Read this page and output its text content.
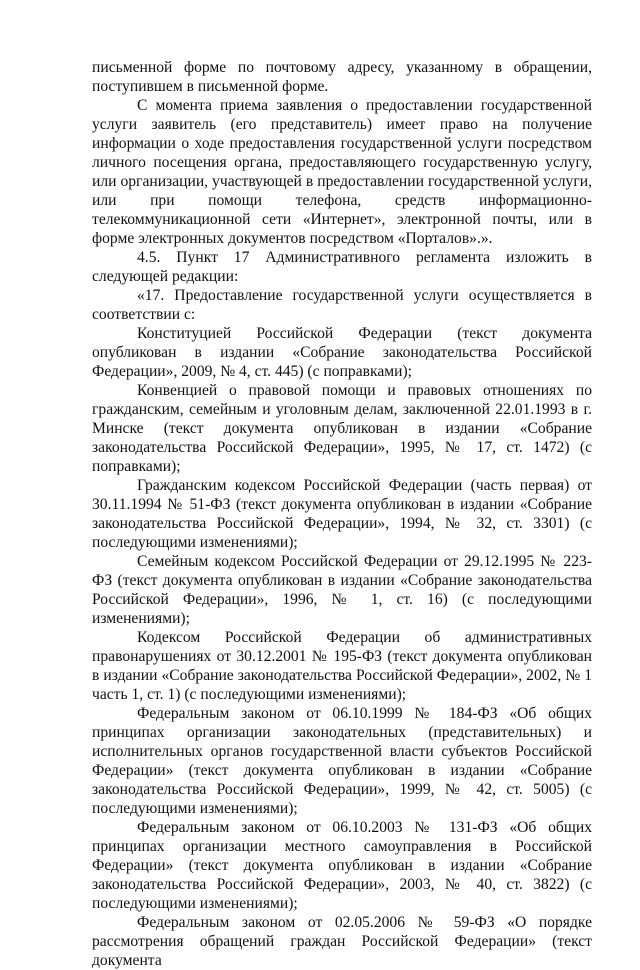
письменной форме по почтовому адресу, указанному в обращении, поступившем в письменной форме.

С момента приема заявления о предоставлении государственной услуги заявитель (его представитель) имеет право на получение информации о ходе предоставления государственной услуги посредством личного посещения органа, предоставляющего государственную услугу, или организации, участвующей в предоставлении государственной услуги, или при помощи телефона, средств информационно-телекоммуникационной сети «Интернет», электронной почты, или в форме электронных документов посредством «Порталов».».

4.5. Пункт 17 Административного регламента изложить в следующей редакции:

«17. Предоставление государственной услуги осуществляется в соответствии с:

Конституцией Российской Федерации (текст документа опубликован в издании «Собрание законодательства Российской Федерации», 2009, № 4, ст. 445) (с поправками);

Конвенцией о правовой помощи и правовых отношениях по гражданским, семейным и уголовным делам, заключенной 22.01.1993 в г. Минске (текст документа опубликован в издании «Собрание законодательства Российской Федерации», 1995, № 17, ст. 1472) (с поправками);

Гражданским кодексом Российской Федерации (часть первая) от 30.11.1994 № 51-ФЗ (текст документа опубликован в издании «Собрание законодательства Российской Федерации», 1994, № 32, ст. 3301) (с последующими изменениями);

Семейным кодексом Российской Федерации от 29.12.1995 № 223-ФЗ (текст документа опубликован в издании «Собрание законодательства Российской Федерации», 1996, № 1, ст. 16) (с последующими изменениями);

Кодексом Российской Федерации об административных правонарушениях от 30.12.2001 № 195-ФЗ (текст документа опубликован в издании «Собрание законодательства Российской Федерации», 2002, № 1 часть 1, ст. 1) (с последующими изменениями);

Федеральным законом от 06.10.1999 № 184-ФЗ «Об общих принципах организации законодательных (представительных) и исполнительных органов государственной власти субъектов Российской Федерации» (текст документа опубликован в издании «Собрание законодательства Российской Федерации», 1999, № 42, ст. 5005) (с последующими изменениями);

Федеральным законом от 06.10.2003 № 131-ФЗ «Об общих принципах организации местного самоуправления в Российской Федерации» (текст документа опубликован в издании «Собрание законодательства Российской Федерации», 2003, № 40, ст. 3822) (с последующими изменениями);

Федеральным законом от 02.05.2006 № 59-ФЗ «О порядке рассмотрения обращений граждан Российской Федерации» (текст документа
